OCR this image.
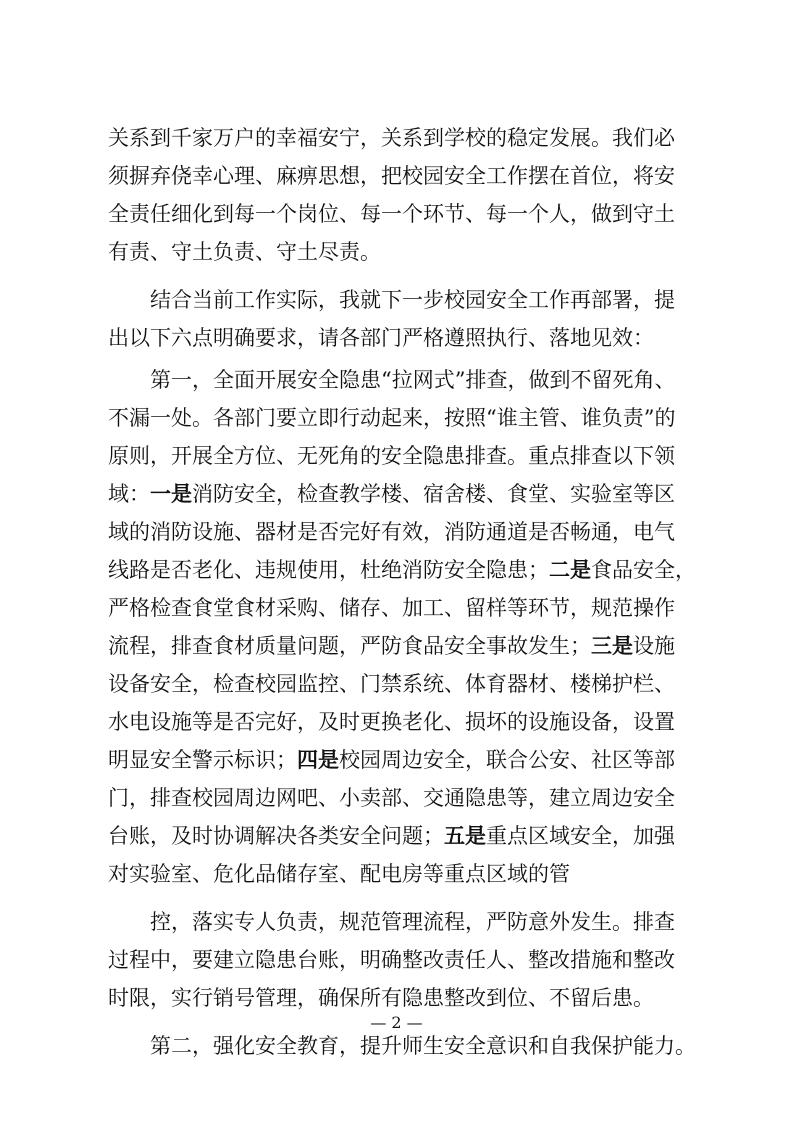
关系到千家万户的幸福安宁，关系到学校的稳定发展。我们必
须摒弃侥幸心理、麻痹思想，把校园安全工作摆在首位，将安
全责任细化到每一个岗位、每一个环节、每一个人，做到守土
有责、守土负责、守土尽责。
结合当前工作实际，我就下一步校园安全工作再部署，提
出以下六点明确要求，请各部门严格遵照执行、落地见效：
第一，全面开展安全隐患“拉网式”排查，做到不留死角、
不漏一处。各部门要立即行动起来，按照“谁主管、谁负责”的
原则，开展全方位、无死角的安全隐患排查。重点排查以下领
域：一是消防安全，检查教学楼、宿舍楼、食堂、实验室等区
域的消防设施、器材是否完好有效，消防通道是否畅通，电气
线路是否老化、违规使用，杜绝消防安全隐患；二是食品安全，
严格检查食堂食材采购、储存、加工、留样等环节，规范操作
流程，排查食材质量问题，严防食品安全事故发生；三是设施
设备安全，检查校园监控、门禁系统、体育器材、楼梯护栏、
水电设施等是否完好，及时更换老化、损坏的设施设备，设置
明显安全警示标识；四是校园周边安全，联合公安、社区等部
门，排查校园周边网吧、小卖部、交通隐患等，建立周边安全
台账，及时协调解决各类安全问题；五是重点区域安全，加强
对实验室、危化品储存室、配电房等重点区域的管
控，落实专人负责，规范管理流程，严防意外发生。排查
过程中，要建立隐患台账，明确整改责任人、整改措施和整改
时限，实行销号管理，确保所有隐患整改到位、不留后患。
第二，强化安全教育，提升师生安全意识和自我保护能力。
— 2 —
